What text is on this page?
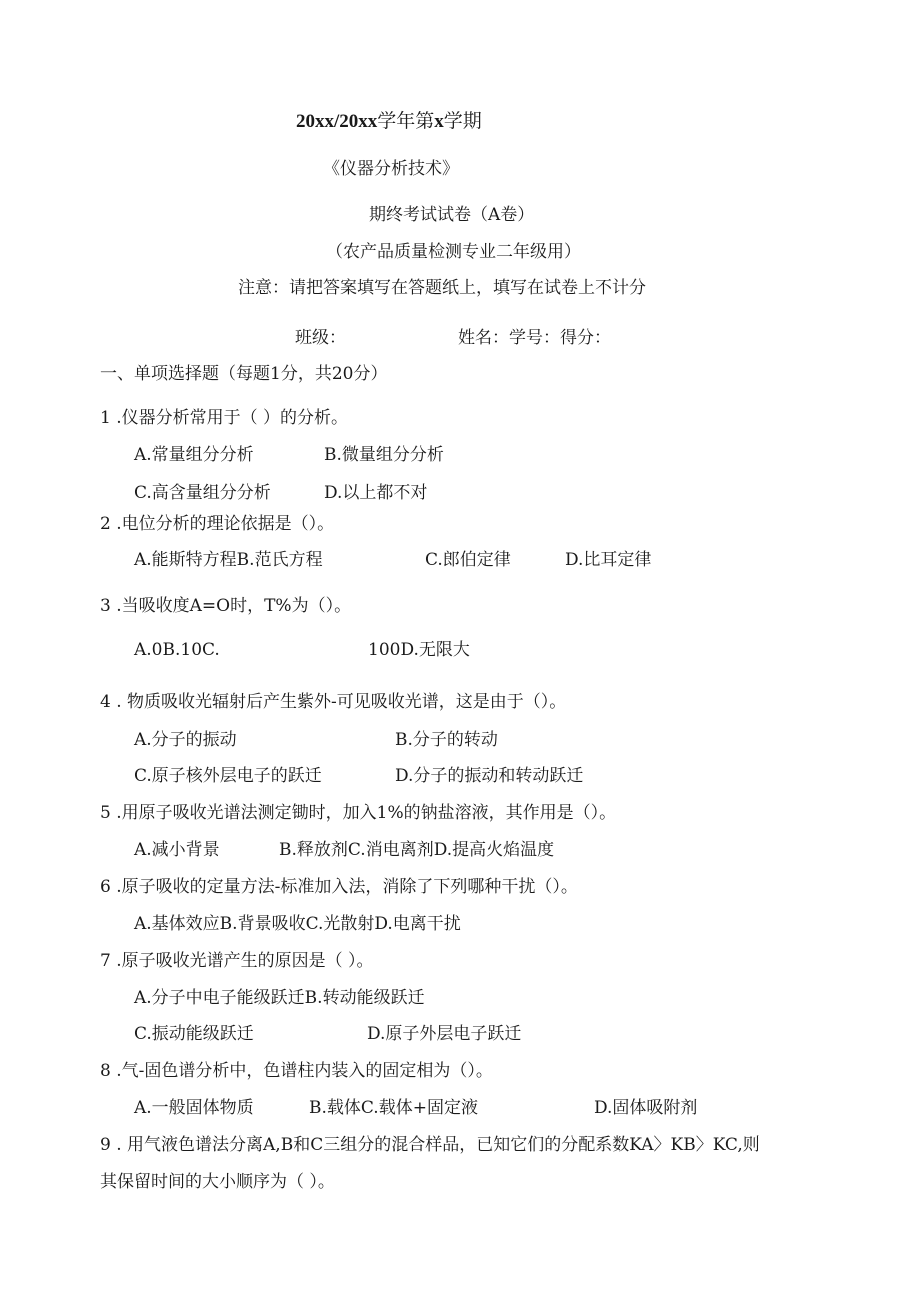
20xx/20xx学年第x学期
《仪器分析技术》
期终考试试卷（A卷）
（农产品质量检测专业二年级用）
注意：请把答案填写在答题纸上，填写在试卷上不计分
班级：	姓名：学号：得分：
一、单项选择题（每题1分，共20分）
1 .仪器分析常用于（ ）的分析。
A.常量组分分析	B.微量组分分析
C.高含量组分分析	D.以上都不对
2 .电位分析的理论依据是（）。
A.能斯特方程B.范氏方程	C.郎伯定律	D.比耳定律
3 .当吸收度A=O时，T%为（）。
A.0B.10C.	100D.无限大
4 . 物质吸收光辐射后产生紫外-可见吸收光谱，这是由于（）。
A.分子的振动	B.分子的转动
C.原子核外层电子的跃迁	D.分子的振动和转动跃迁
5 .用原子吸收光谱法测定锄时，加入1%的钠盐溶液，其作用是（）。
A.减小背景	B.释放剂C.消电离剂D.提高火焰温度
6 .原子吸收的定量方法-标准加入法，消除了下列哪种干扰（）。
A.基体效应B.背景吸收C.光散射D.电离干扰
7 .原子吸收光谱产生的原因是（ ）。
A.分子中电子能级跃迁B.转动能级跃迁
C.振动能级跃迁	D.原子外层电子跃迁
8 .气-固色谱分析中，色谱柱内装入的固定相为（）。
A.一般固体物质	B.载体C.载体+固定液	D.固体吸附剂
9 . 用气液色谱法分离A,B和C三组分的混合样品，已知它们的分配系数KA〉KB〉KC,则
其保留时间的大小顺序为（ ）。
